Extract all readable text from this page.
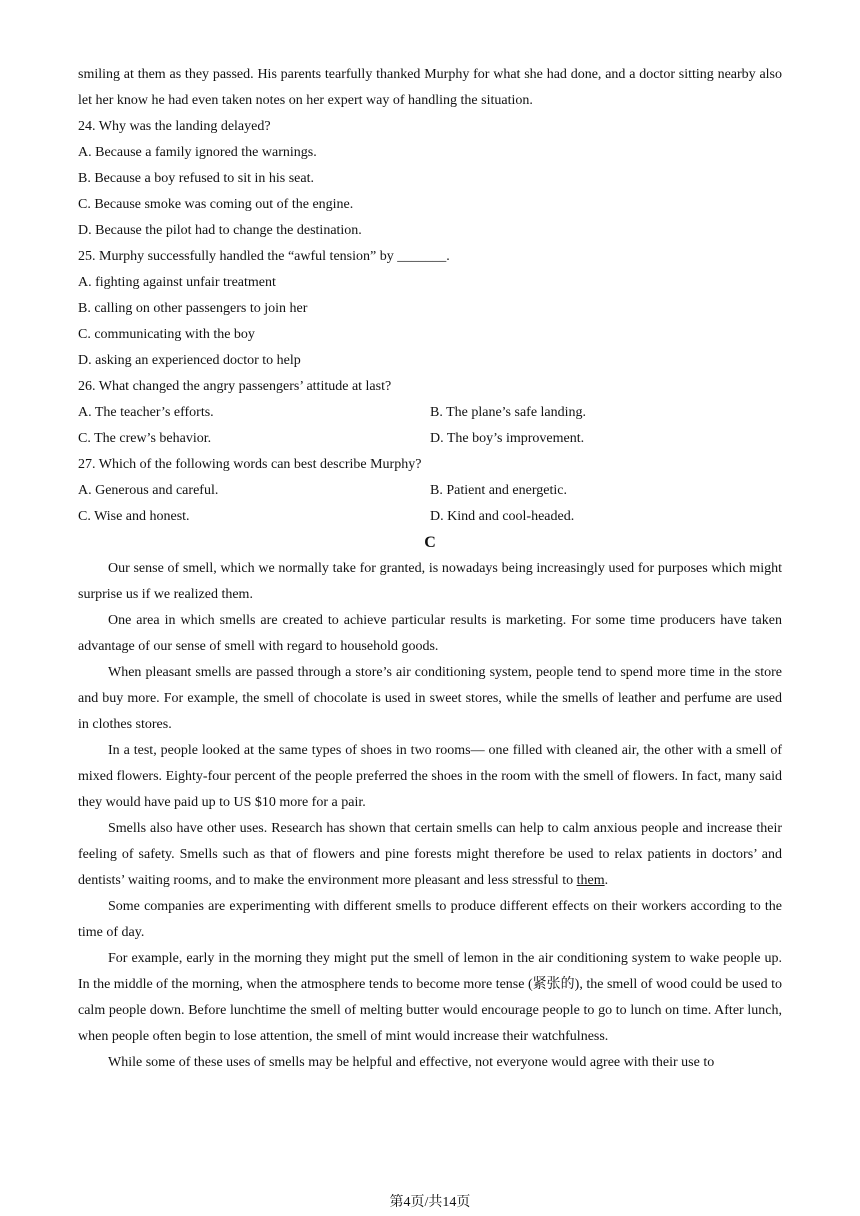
smiling at them as they passed. His parents tearfully thanked Murphy for what she had done, and a doctor sitting nearby also let her know he had even taken notes on her expert way of handling the situation.

24. Why was the landing delayed?
A. Because a family ignored the warnings.
B. Because a boy refused to sit in his seat.
C. Because smoke was coming out of the engine.
D. Because the pilot had to change the destination.
25. Murphy successfully handled the “awful tension” by _______.
A. fighting against unfair treatment
B. calling on other passengers to join her
C. communicating with the boy
D. asking an experienced doctor to help
26. What changed the angry passengers’ attitude at last?
A. The teacher’s efforts.	B. The plane’s safe landing.
C. The crew’s behavior.	D. The boy’s improvement.
27. Which of the following words can best describe Murphy?
A. Generous and careful.	B. Patient and energetic.
C. Wise and honest.	D. Kind and cool-headed.
C

Our sense of smell, which we normally take for granted, is nowadays being increasingly used for purposes which might surprise us if we realized them.

One area in which smells are created to achieve particular results is marketing. For some time producers have taken advantage of our sense of smell with regard to household goods.

When pleasant smells are passed through a store’s air conditioning system, people tend to spend more time in the store and buy more. For example, the smell of chocolate is used in sweet stores, while the smells of leather and perfume are used in clothes stores.

In a test, people looked at the same types of shoes in two rooms— one filled with cleaned air, the other with a smell of mixed flowers. Eighty-four percent of the people preferred the shoes in the room with the smell of flowers. In fact, many said they would have paid up to US $10 more for a pair.

Smells also have other uses. Research has shown that certain smells can help to calm anxious people and increase their feeling of safety. Smells such as that of flowers and pine forests might therefore be used to relax patients in doctors’ and dentists’ waiting rooms, and to make the environment more pleasant and less stressful to them.

Some companies are experimenting with different smells to produce different effects on their workers according to the time of day.

For example, early in the morning they might put the smell of lemon in the air conditioning system to wake people up. In the middle of the morning, when the atmosphere tends to become more tense (紧张的), the smell of wood could be used to calm people down. Before lunchtime the smell of melting butter would encourage people to go to lunch on time. After lunch, when people often begin to lose attention, the smell of mint would increase their watchfulness.

While some of these uses of smells may be helpful and effective, not everyone would agree with their use to

第4页/共14页
